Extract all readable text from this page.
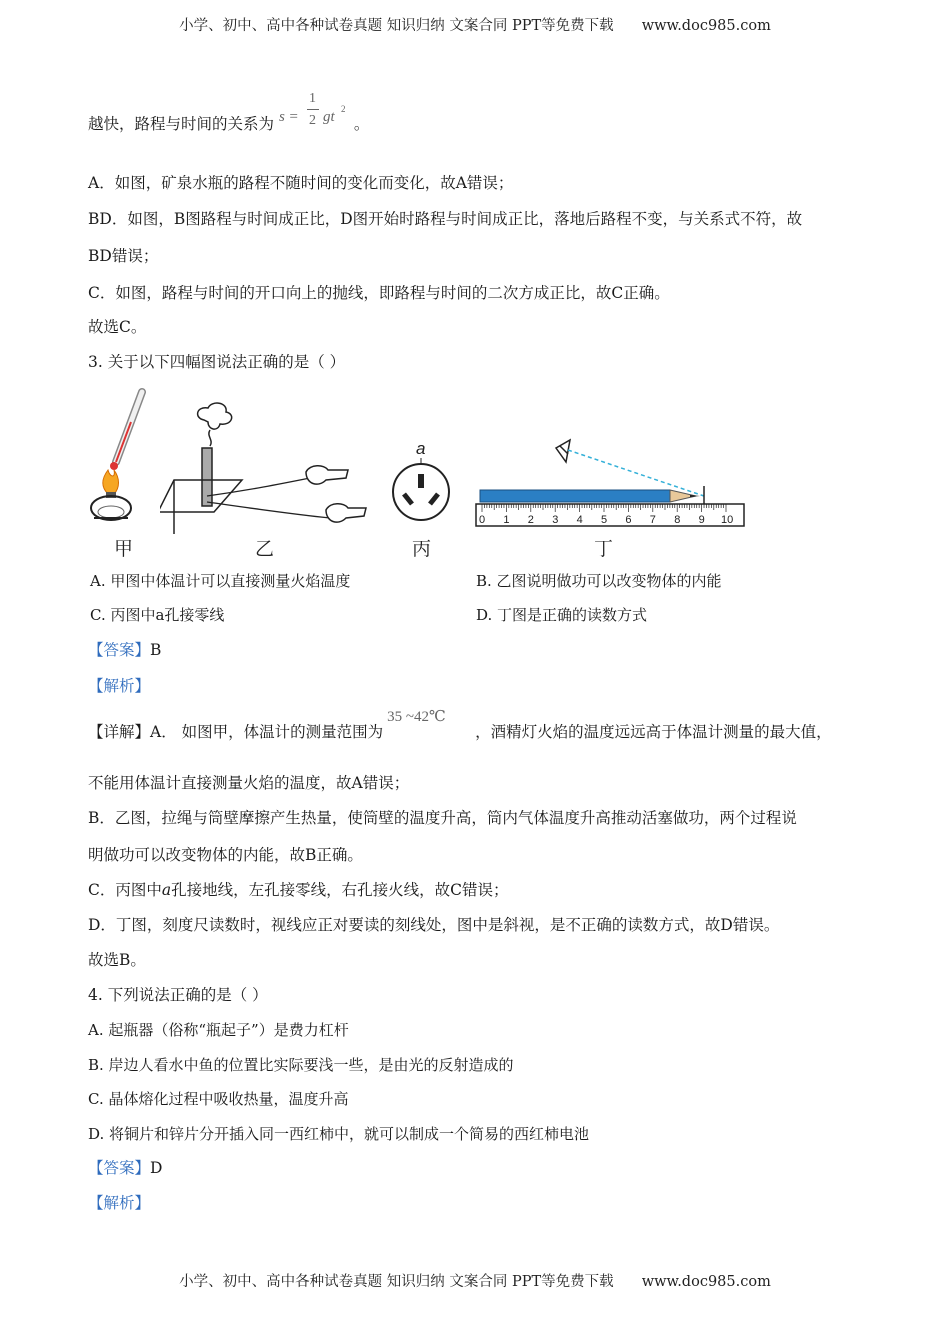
小学、初中、高中各种试卷真题 知识归纳 文案合同 PPT等免费下载 www.doc985.com
越快，路程与时间的关系为 s =
1
2 gt 2
。
A．如图，矿泉水瓶的路程不随时间的变化而变化，故A错误；
BD．如图，B图路程与时间成正比，D图开始时路程与时间成正比，落地后路程不变，与关系式不符，故
BD错误；
C．如图，路程与时间的开口向上的抛线，即路程与时间的二次方成正比，故C正确。
故选C。
3. 关于以下四幅图说法正确的是（ ）
a
0 1 2 3 4 5 6 7 8 9 10
甲	乙	丙	丁
A. 甲图中体温计可以直接测量火焰温度	B. 乙图说明做功可以改变物体的内能
C. 丙图中a孔接零线	D. 丁图是正确的读数方式
【答案】B
【解析】
【详解】A． 如图甲，体温计的测量范围为
35 ~42℃
，酒精灯火焰的温度远远高于体温计测量的最大值，
不能用体温计直接测量火焰的温度，故A错误；
B．乙图，拉绳与筒壁摩擦产生热量，使筒壁的温度升高，筒内气体温度升高推动活塞做功，两个过程说
明做功可以改变物体的内能，故B正确。
C．丙图中a孔接地线，左孔接零线，右孔接火线，故C错误；
D．丁图，刻度尺读数时，视线应正对要读的刻线处，图中是斜视，是不正确的读数方式，故D错误。
故选B。
4. 下列说法正确的是（ ）
A. 起瓶器（俗称“瓶起子”）是费力杠杆
B. 岸边人看水中鱼的位置比实际要浅一些，是由光的反射造成的
C. 晶体熔化过程中吸收热量，温度升高
D. 将铜片和锌片分开插入同一西红柿中，就可以制成一个简易的西红柿电池
【答案】D
【解析】
小学、初中、高中各种试卷真题 知识归纳 文案合同 PPT等免费下载 www.doc985.com
